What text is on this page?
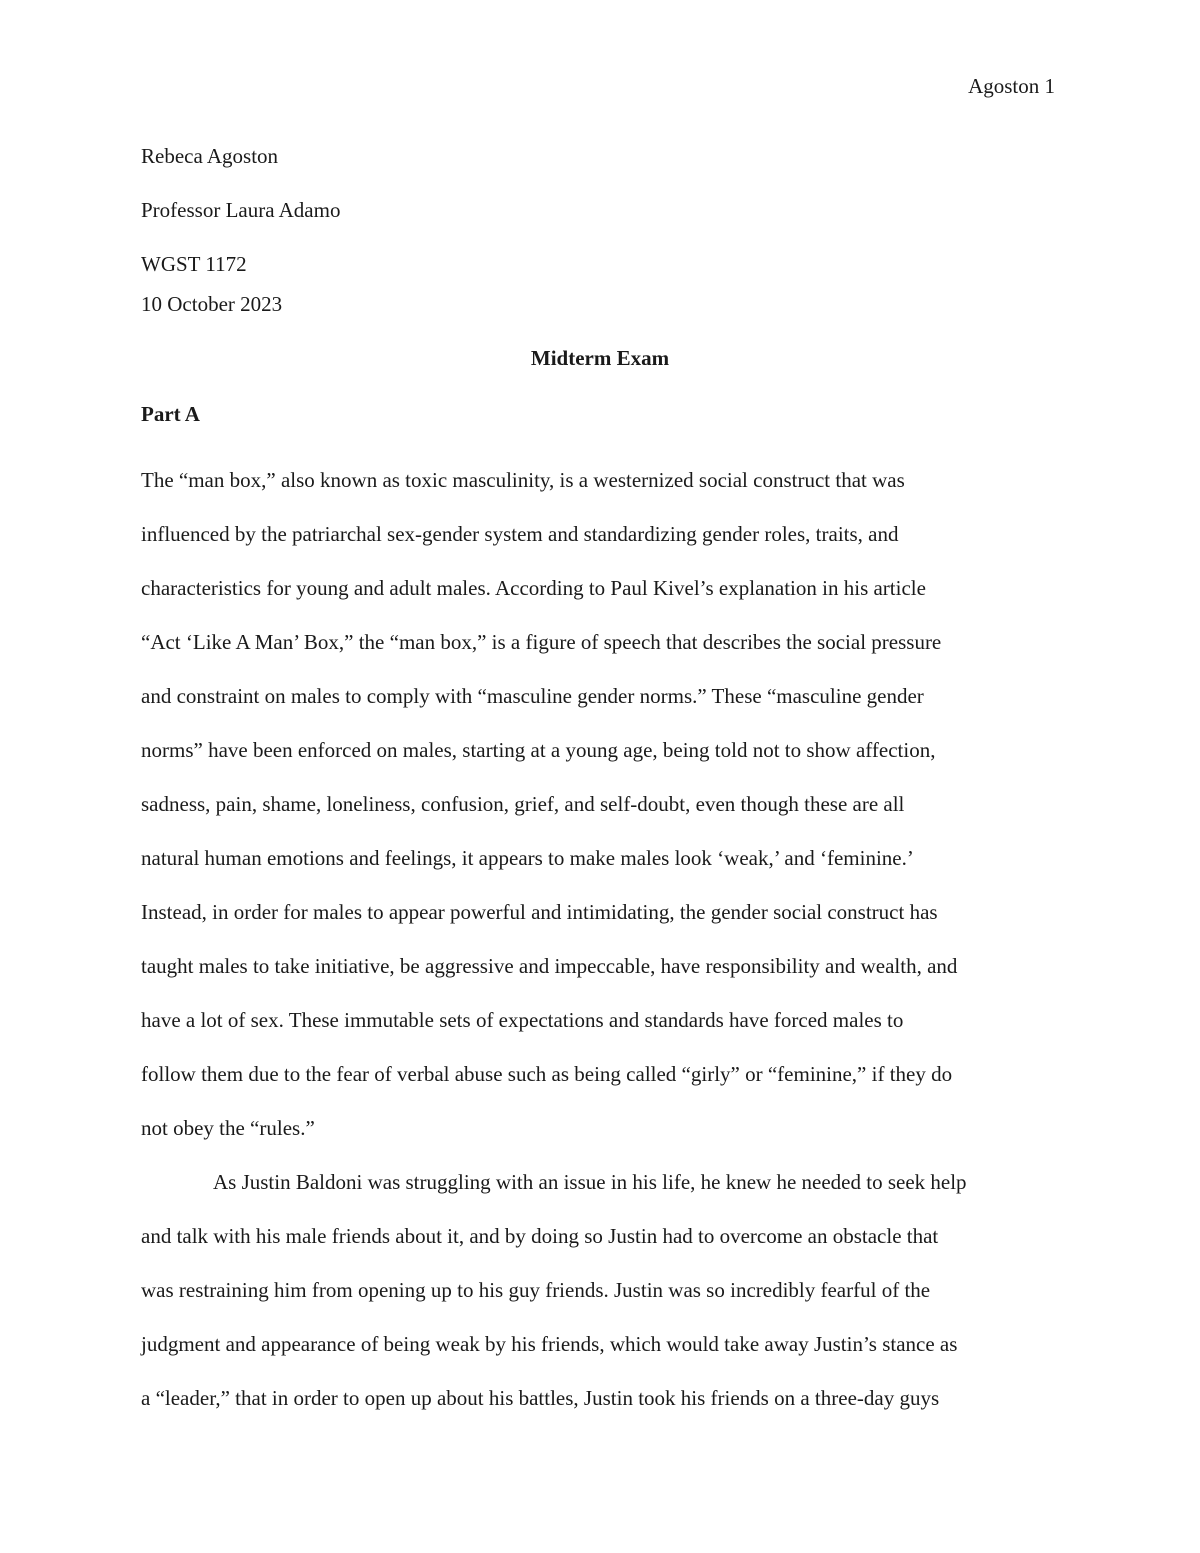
Agoston 1
Rebeca Agoston
Professor Laura Adamo
WGST 1172
10 October 2023
Midterm Exam
Part A
The “man box,” also known as toxic masculinity, is a westernized social construct that was
influenced by the patriarchal sex-gender system and standardizing gender roles, traits, and
characteristics for young and adult males. According to Paul Kivel’s explanation in his article
“Act ‘Like A Man’ Box,” the “man box,” is a figure of speech that describes the social pressure
and constraint on males to comply with “masculine gender norms.” These “masculine gender
norms” have been enforced on males, starting at a young age, being told not to show affection,
sadness, pain, shame, loneliness, confusion, grief, and self-doubt, even though these are all
natural human emotions and feelings, it appears to make males look ‘weak,’ and ‘feminine.’
Instead, in order for males to appear powerful and intimidating, the gender social construct has
taught males to take initiative, be aggressive and impeccable, have responsibility and wealth, and
have a lot of sex. These immutable sets of expectations and standards have forced males to
follow them due to the fear of verbal abuse such as being called “girly” or “feminine,” if they do
not obey the “rules.”
As Justin Baldoni was struggling with an issue in his life, he knew he needed to seek help
and talk with his male friends about it, and by doing so Justin had to overcome an obstacle that
was restraining him from opening up to his guy friends. Justin was so incredibly fearful of the
judgment and appearance of being weak by his friends, which would take away Justin’s stance as
a “leader,” that in order to open up about his battles, Justin took his friends on a three-day guys
